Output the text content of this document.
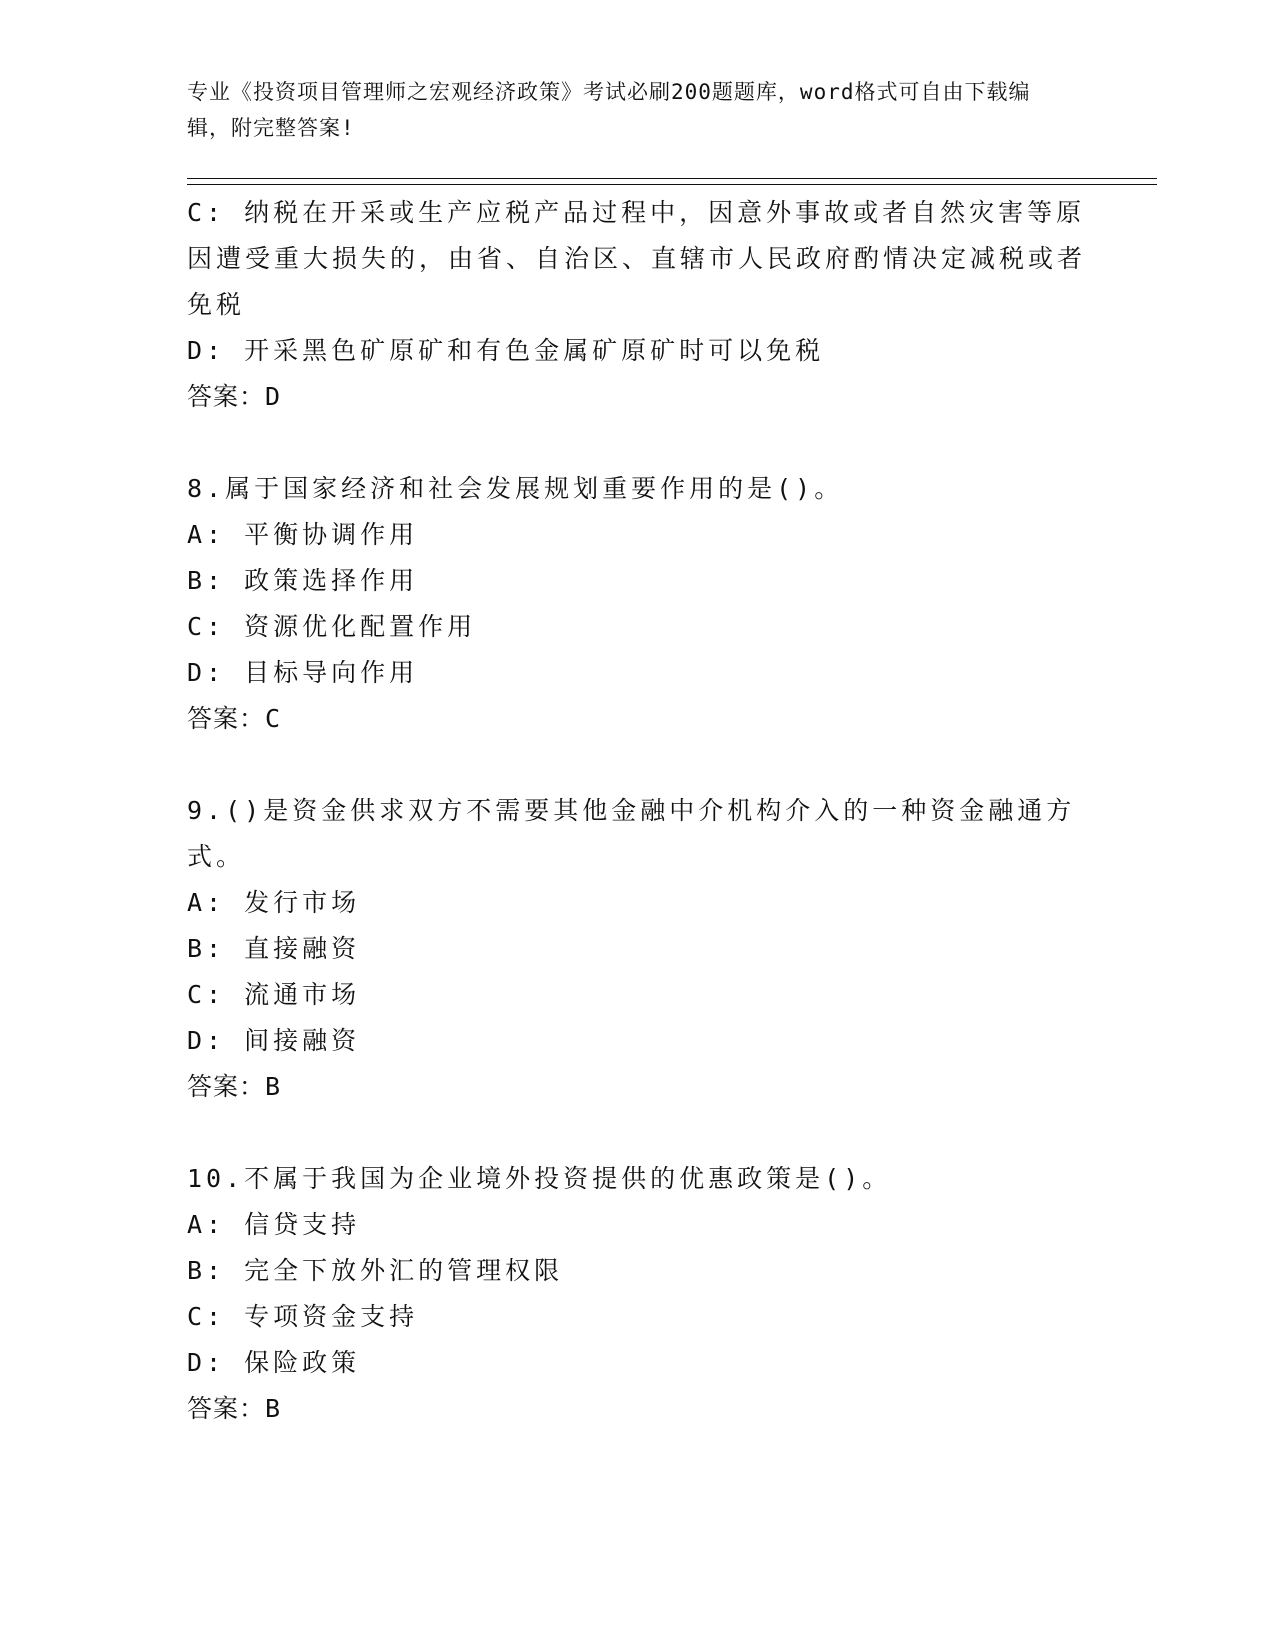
专业《投资项目管理师之宏观经济政策》考试必刷200题题库，word格式可自由下载编辑，附完整答案!
C: 纳税在开采或生产应税产品过程中，因意外事故或者自然灾害等原因遭受重大损失的，由省、自治区、直辖市人民政府酌情决定减税或者免税
D: 开采黑色矿原矿和有色金属矿原矿时可以免税
答案：D
8.属于国家经济和社会发展规划重要作用的是()。
A: 平衡协调作用
B: 政策选择作用
C: 资源优化配置作用
D: 目标导向作用
答案：C
9.()是资金供求双方不需要其他金融中介机构介入的一种资金融通方式。
A: 发行市场
B: 直接融资
C: 流通市场
D: 间接融资
答案：B
10.不属于我国为企业境外投资提供的优惠政策是()。
A: 信贷支持
B: 完全下放外汇的管理权限
C: 专项资金支持
D: 保险政策
答案：B
